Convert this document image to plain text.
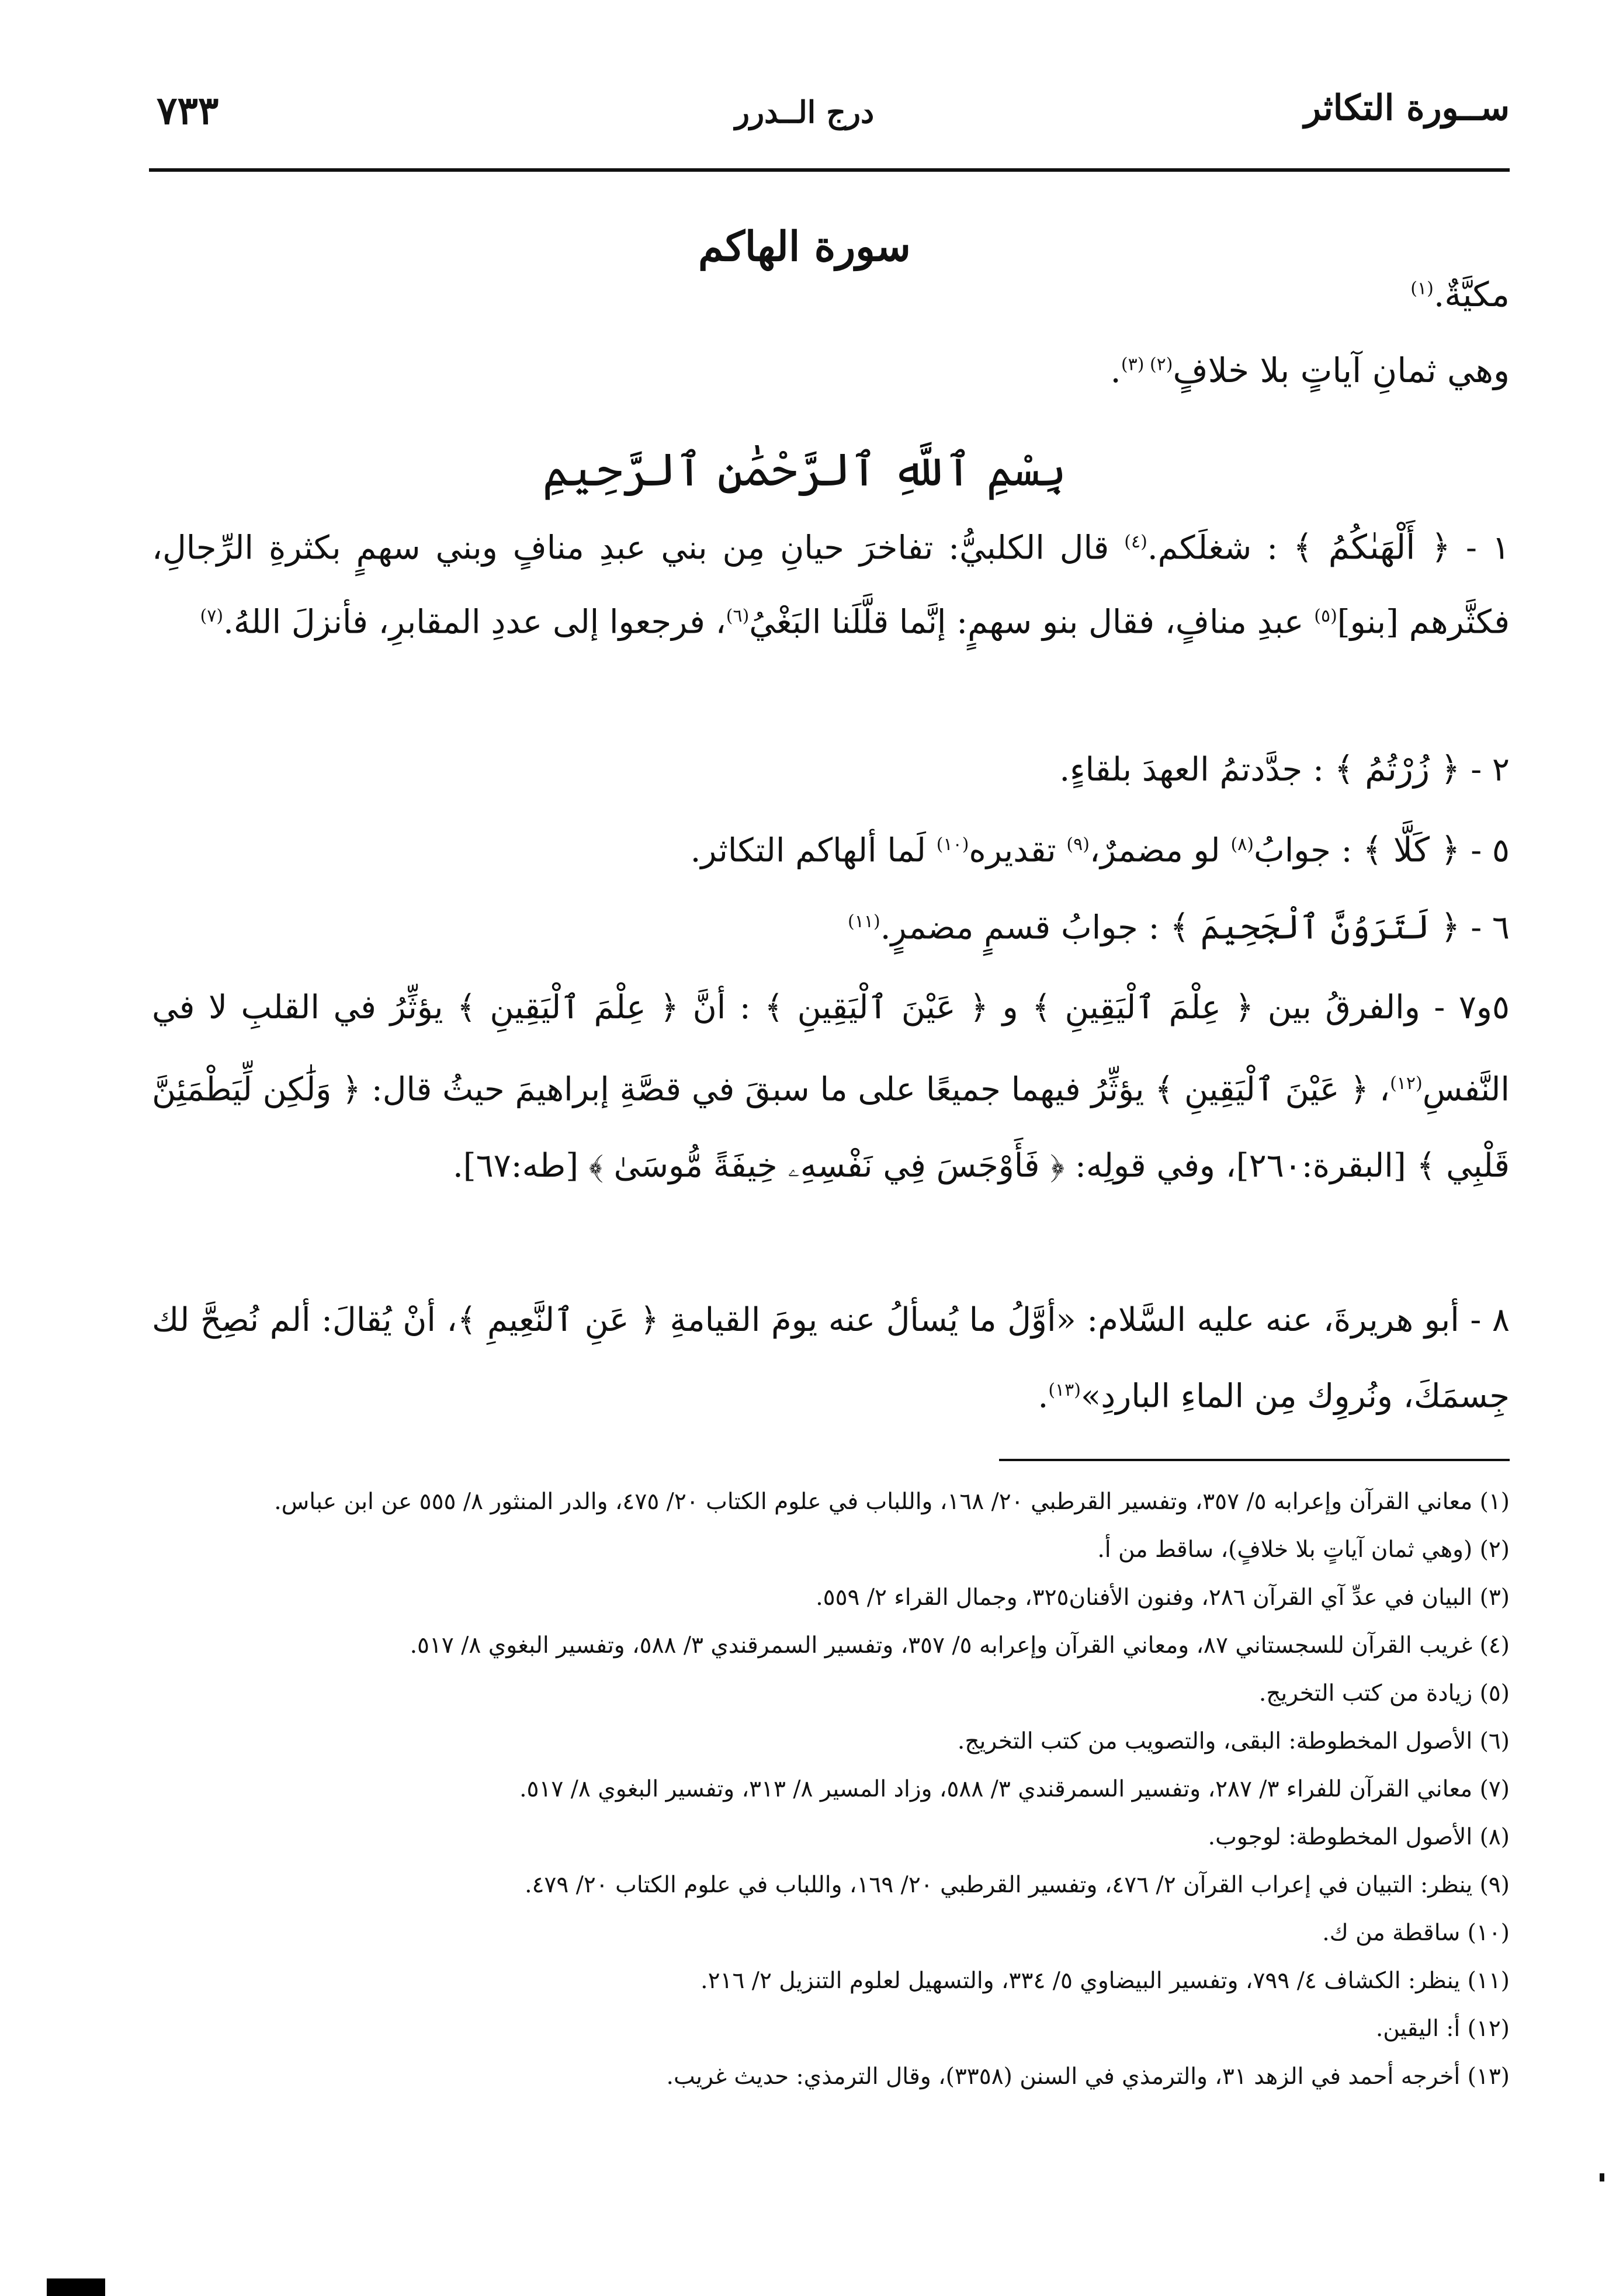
ســورة التكاثر
درج الــدرر
٧٣٣
سورة الهاكم
مكيَّةٌ.$^{(١)}$
وهي ثمانِ آياتٍ بلا خلافٍ$^{(٢) (٣)}$.
بِسْمِ ٱللَّهِ ٱلرَّحْمَٰنِ ٱلرَّحِيمِ
١ - ﴿ أَلْهَىٰكُمُ ﴾ : شغلَكم.$^{(٤)}$ قال الكلبيُّ: تفاخرَ حيانِ مِن بني عبدِ منافٍ وبني سهمٍ بكثرةِ الرِّجالِ، فكثَّرهم [بنو]$^{(٥)}$ عبدِ منافٍ، فقال بنو سهمٍ: إنَّما قلَّلَنا البَغْيُ$^{(٦)}$، فرجعوا إلى عددِ المقابرِ، فأنزلَ اللهُ.$^{(٧)}$
٢ - ﴿ زُرْتُمُ ﴾ : جدَّدتمُ العهدَ بلقاءٍ.
٥ - ﴿ كَلَّا ﴾ : جوابُ$^{(٨)}$ لو مضمرٌ،$^{(٩)}$ تقديره$^{(١٠)}$ لَما ألهاكم التكاثر.
٦ - ﴿ لَتَرَوُنَّ ٱلْجَحِيمَ ﴾ : جوابُ قسمٍ مضمرٍ.$^{(١١)}$
٥و٧ - والفرقُ بين ﴿ عِلْمَ ٱلْيَقِينِ ﴾ و ﴿ عَيْنَ ٱلْيَقِينِ ﴾ : أنَّ ﴿ عِلْمَ ٱلْيَقِينِ ﴾ يؤثِّرُ في القلبِ لا في النَّفسِ$^{(١٢)}$، ﴿ عَيْنَ ٱلْيَقِينِ ﴾ يؤثِّرُ فيهما جميعًا على ما سبقَ في قصَّةِ إبراهيمَ حيثُ قال: ﴿ وَلَٰكِن لِّيَطْمَئِنَّ قَلْبِي ﴾ [البقرة:٢٦٠]، وفي قولِه: ﴿ فَأَوْجَسَ فِي نَفْسِهِۦ خِيفَةً مُّوسَىٰ ﴾ [طه:٦٧].
٨ - أبو هريرةَ، عنه عليه السَّلام: «أوَّلُ ما يُسألُ عنه يومَ القيامةِ ﴿ عَنِ ٱلنَّعِيمِ ﴾، أنْ يُقالَ: ألم نُصِحَّ لك جِسمَكَ، ونُروِك مِن الماءِ الباردِ»$^{(١٣)}$.
(١) معاني القرآن وإعرابه ٥/ ٣٥٧، وتفسير القرطبي ٢٠/ ١٦٨، واللباب في علوم الكتاب ٢٠/ ٤٧٥، والدر المنثور ٨/ ٥٥٥ عن ابن عباس.
(٢) (وهي ثمان آياتٍ بلا خلافٍ)، ساقط من أ.
(٣) البيان في عدِّ آي القرآن ٢٨٦، وفنون الأفنان٣٢٥، وجمال القراء ٢/ ٥٥٩.
(٤) غريب القرآن للسجستاني ٨٧، ومعاني القرآن وإعرابه ٥/ ٣٥٧، وتفسير السمرقندي ٣/ ٥٨٨، وتفسير البغوي ٨/ ٥١٧.
(٥) زيادة من كتب التخريج.
(٦) الأصول المخطوطة: البقى، والتصويب من كتب التخريج.
(٧) معاني القرآن للفراء ٣/ ٢٨٧، وتفسير السمرقندي ٣/ ٥٨٨، وزاد المسير ٨/ ٣١٣، وتفسير البغوي ٨/ ٥١٧.
(٨) الأصول المخطوطة: لوجوب.
(٩) ينظر: التبيان في إعراب القرآن ٢/ ٤٧٦، وتفسير القرطبي ٢٠/ ١٦٩، واللباب في علوم الكتاب ٢٠/ ٤٧٩.
(١٠) ساقطة من ك.
(١١) ينظر: الكشاف ٤/ ٧٩٩، وتفسير البيضاوي ٥/ ٣٣٤، والتسهيل لعلوم التنزيل ٢/ ٢١٦.
(١٢) أ: اليقين.
(١٣) أخرجه أحمد في الزهد ٣١، والترمذي في السنن (٣٣٥٨)، وقال الترمذي: حديث غريب.
